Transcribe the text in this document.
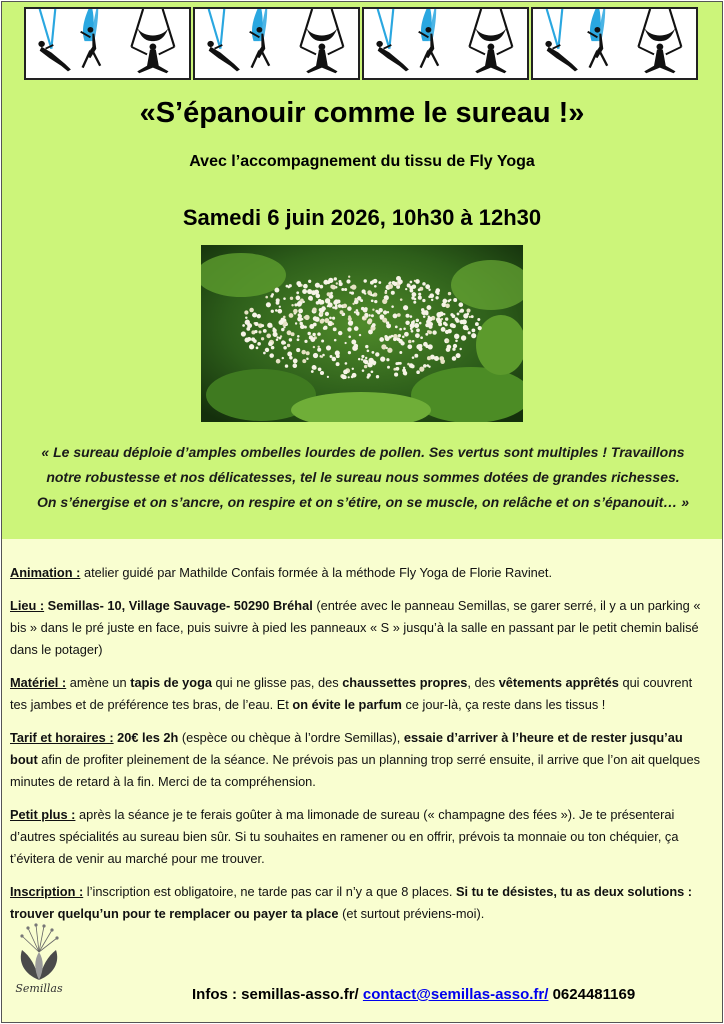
«S’épanouir comme le sureau !»
Avec l’accompagnement du tissu de Fly Yoga
Samedi 6 juin 2026, 10h30 à 12h30
« Le sureau déploie d’amples ombelles lourdes de pollen. Ses vertus sont multiples ! Travaillons
notre robustesse et nos délicatesses, tel le sureau nous sommes dotées de grandes richesses.
On s’énergise et on s’ancre, on respire et on s’étire, on se muscle, on relâche et on s’épanouit… »

Animation : atelier guidé par Mathilde Confais formée à la méthode Fly Yoga de Florie Ravinet.

Lieu : Semillas- 10, Village Sauvage- 50290 Bréhal (entrée avec le panneau Semillas, se garer serré, il y a un parking « bis » dans le pré juste en face, puis suivre à pied les panneaux « S » jusqu’à la salle en passant par le petit chemin balisé dans le potager)

Matériel : amène un tapis de yoga qui ne glisse pas, des chaussettes propres, des vêtements apprêtés qui couvrent tes jambes et de préférence tes bras, de l’eau. Et on évite le parfum ce jour-là, ça reste dans les tissus !

Tarif et horaires : 20€ les 2h (espèce ou chèque à l’ordre Semillas), essaie d’arriver à l’heure et de rester jusqu’au bout afin de profiter pleinement de la séance. Ne prévois pas un planning trop serré ensuite, il arrive que l’on ait quelques minutes de retard à la fin. Merci de ta compréhension.

Petit plus : après la séance je te ferais goûter à ma limonade de sureau (« champagne des fées »). Je te présenterai d’autres spécialités au sureau bien sûr. Si tu souhaites en ramener ou en offrir, prévois ta monnaie ou ton chéquier, ça t’évitera de venir au marché pour me trouver.

Inscription : l’inscription est obligatoire, ne tarde pas car il n’y a que 8 places. Si tu te désistes, tu as deux solutions : trouver quelqu’un pour te remplacer ou payer ta place (et surtout préviens-moi).

Semillas	Infos : semillas-asso.fr/ contact@semillas-asso.fr/ 0624481169
